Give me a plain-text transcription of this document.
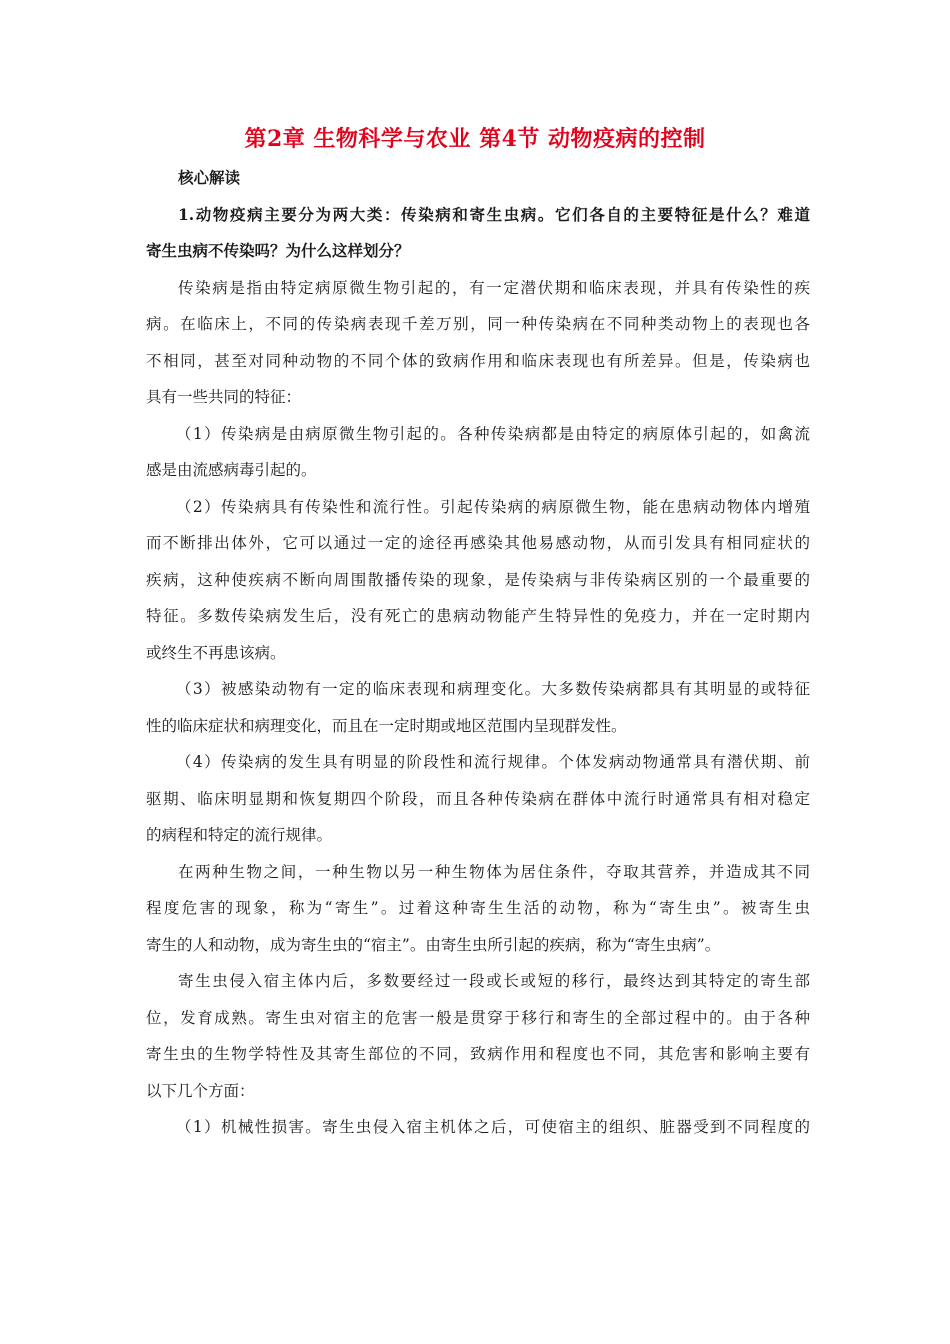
第2章 生物科学与农业 第4节 动物疫病的控制
核心解读
1.动物疫病主要分为两大类：传染病和寄生虫病。它们各自的主要特征是什么？难道
寄生虫病不传染吗？为什么这样划分？
传染病是指由特定病原微生物引起的，有一定潜伏期和临床表现，并具有传染性的疾
病。在临床上，不同的传染病表现千差万别，同一种传染病在不同种类动物上的表现也各
不相同，甚至对同种动物的不同个体的致病作用和临床表现也有所差异。但是，传染病也
具有一些共同的特征：
（1）传染病是由病原微生物引起的。各种传染病都是由特定的病原体引起的，如禽流
感是由流感病毒引起的。
（2）传染病具有传染性和流行性。引起传染病的病原微生物，能在患病动物体内增殖
而不断排出体外，它可以通过一定的途径再感染其他易感动物，从而引发具有相同症状的
疾病，这种使疾病不断向周围散播传染的现象，是传染病与非传染病区别的一个最重要的
特征。多数传染病发生后，没有死亡的患病动物能产生特异性的免疫力，并在一定时期内
或终生不再患该病。
（3）被感染动物有一定的临床表现和病理变化。大多数传染病都具有其明显的或特征
性的临床症状和病理变化，而且在一定时期或地区范围内呈现群发性。
（4）传染病的发生具有明显的阶段性和流行规律。个体发病动物通常具有潜伏期、前
驱期、临床明显期和恢复期四个阶段，而且各种传染病在群体中流行时通常具有相对稳定
的病程和特定的流行规律。
在两种生物之间，一种生物以另一种生物体为居住条件，夺取其营养，并造成其不同
程度危害的现象，称为“寄生”。过着这种寄生生活的动物，称为“寄生虫”。被寄生虫
寄生的人和动物，成为寄生虫的“宿主”。由寄生虫所引起的疾病，称为“寄生虫病”。
寄生虫侵入宿主体内后，多数要经过一段或长或短的移行，最终达到其特定的寄生部
位，发育成熟。寄生虫对宿主的危害一般是贯穿于移行和寄生的全部过程中的。由于各种
寄生虫的生物学特性及其寄生部位的不同，致病作用和程度也不同，其危害和影响主要有
以下几个方面：
（1）机械性损害。寄生虫侵入宿主机体之后，可使宿主的组织、脏器受到不同程度的
